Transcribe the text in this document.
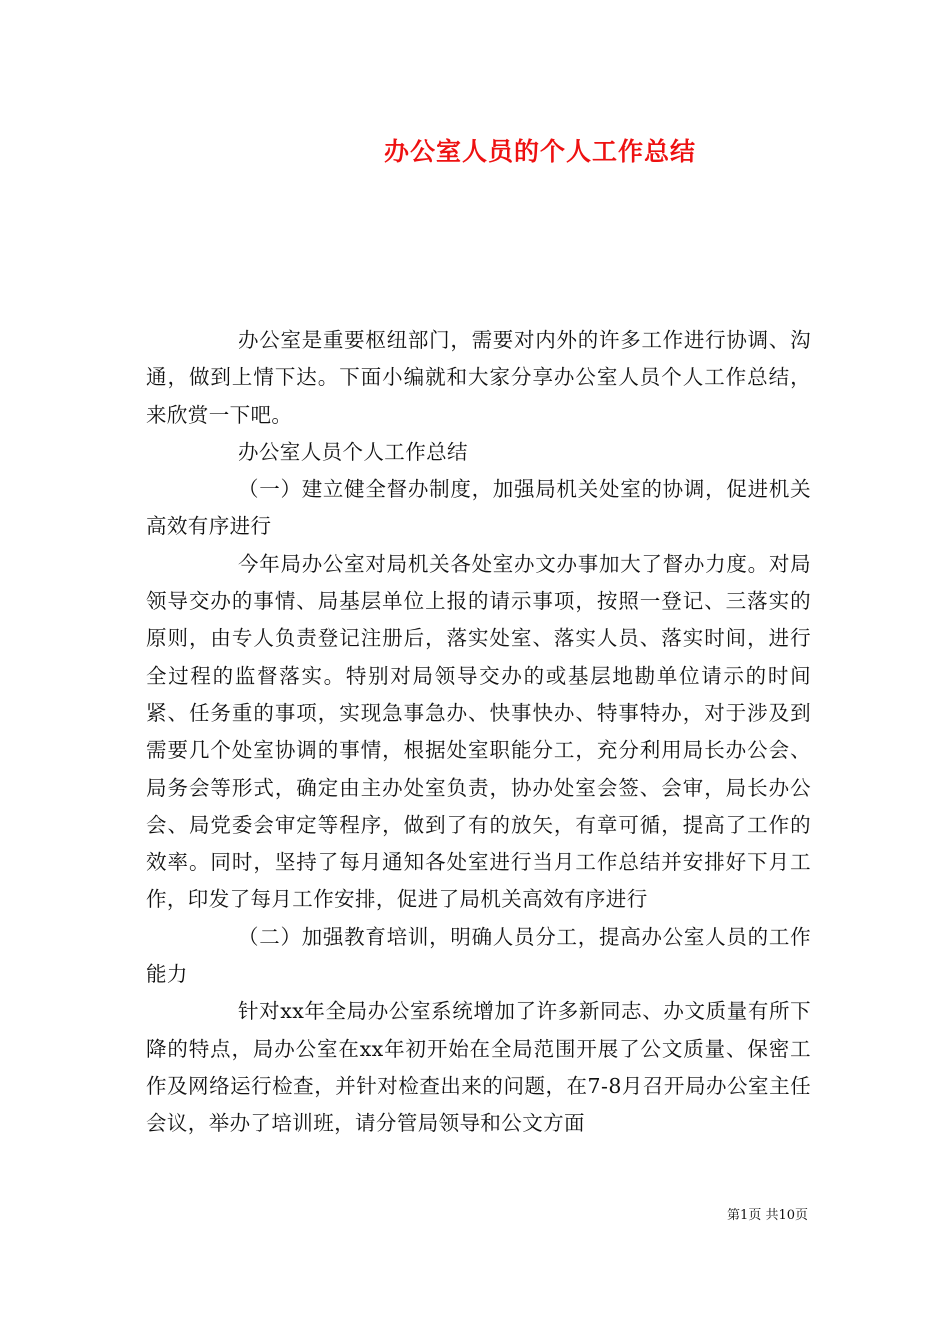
办公室人员的个人工作总结

办公室是重要枢纽部门，需要对内外的许多工作进行协调、沟通，做到上情下达。下面小编就和大家分享办公室人员个人工作总结，来欣赏一下吧。

办公室人员个人工作总结

（一）建立健全督办制度，加强局机关处室的协调，促进机关高效有序进行

今年局办公室对局机关各处室办文办事加大了督办力度。对局领导交办的事情、局基层单位上报的请示事项，按照一登记、三落实的原则，由专人负责登记注册后，落实处室、落实人员、落实时间，进行全过程的监督落实。特别对局领导交办的或基层地勘单位请示的时间紧、任务重的事项，实现急事急办、快事快办、特事特办，对于涉及到需要几个处室协调的事情，根据处室职能分工，充分利用局长办公会、局务会等形式，确定由主办处室负责，协办处室会签、会审，局长办公会、局党委会审定等程序，做到了有的放矢，有章可循，提高了工作的效率。同时，坚持了每月通知各处室进行当月工作总结并安排好下月工作，印发了每月工作安排，促进了局机关高效有序进行

（二）加强教育培训，明确人员分工，提高办公室人员的工作能力

针对xx年全局办公室系统增加了许多新同志、办文质量有所下降的特点，局办公室在xx年初开始在全局范围开展了公文质量、保密工作及网络运行检查，并针对检查出来的问题，在7-8月召开局办公室主任会议，举办了培训班，请分管局领导和公文方面

第1页 共10页
